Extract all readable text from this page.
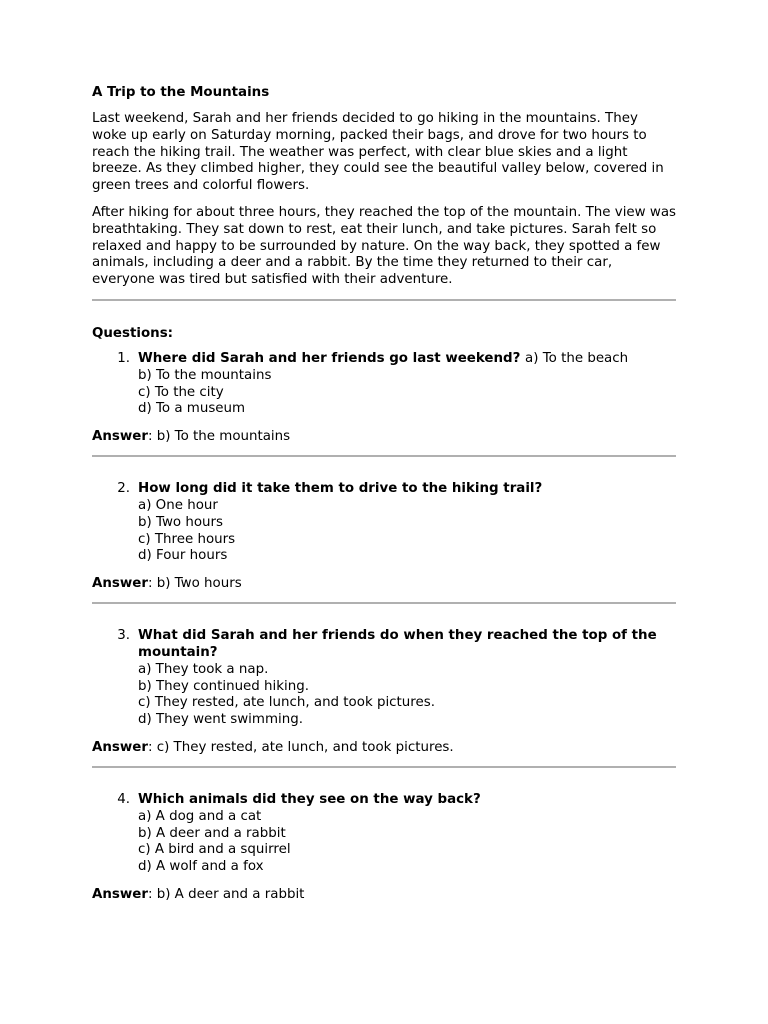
A Trip to the Mountains

Last weekend, Sarah and her friends decided to go hiking in the mountains. They woke up early on Saturday morning, packed their bags, and drove for two hours to reach the hiking trail. The weather was perfect, with clear blue skies and a light breeze. As they climbed higher, they could see the beautiful valley below, covered in green trees and colorful flowers.

After hiking for about three hours, they reached the top of the mountain. The view was breathtaking. They sat down to rest, eat their lunch, and take pictures. Sarah felt so relaxed and happy to be surrounded by nature. On the way back, they spotted a few animals, including a deer and a rabbit. By the time they returned to their car, everyone was tired but satisfied with their adventure.

Questions:
1. Where did Sarah and her friends go last weekend? a) To the beach
b) To the mountains
c) To the city
d) To a museum
Answer: b) To the mountains
2. How long did it take them to drive to the hiking trail?
a) One hour
b) Two hours
c) Three hours
d) Four hours
Answer: b) Two hours
3. What did Sarah and her friends do when they reached the top of the mountain?
a) They took a nap.
b) They continued hiking.
c) They rested, ate lunch, and took pictures.
d) They went swimming.
Answer: c) They rested, ate lunch, and took pictures.
4. Which animals did they see on the way back?
a) A dog and a cat
b) A deer and a rabbit
c) A bird and a squirrel
d) A wolf and a fox
Answer: b) A deer and a rabbit
